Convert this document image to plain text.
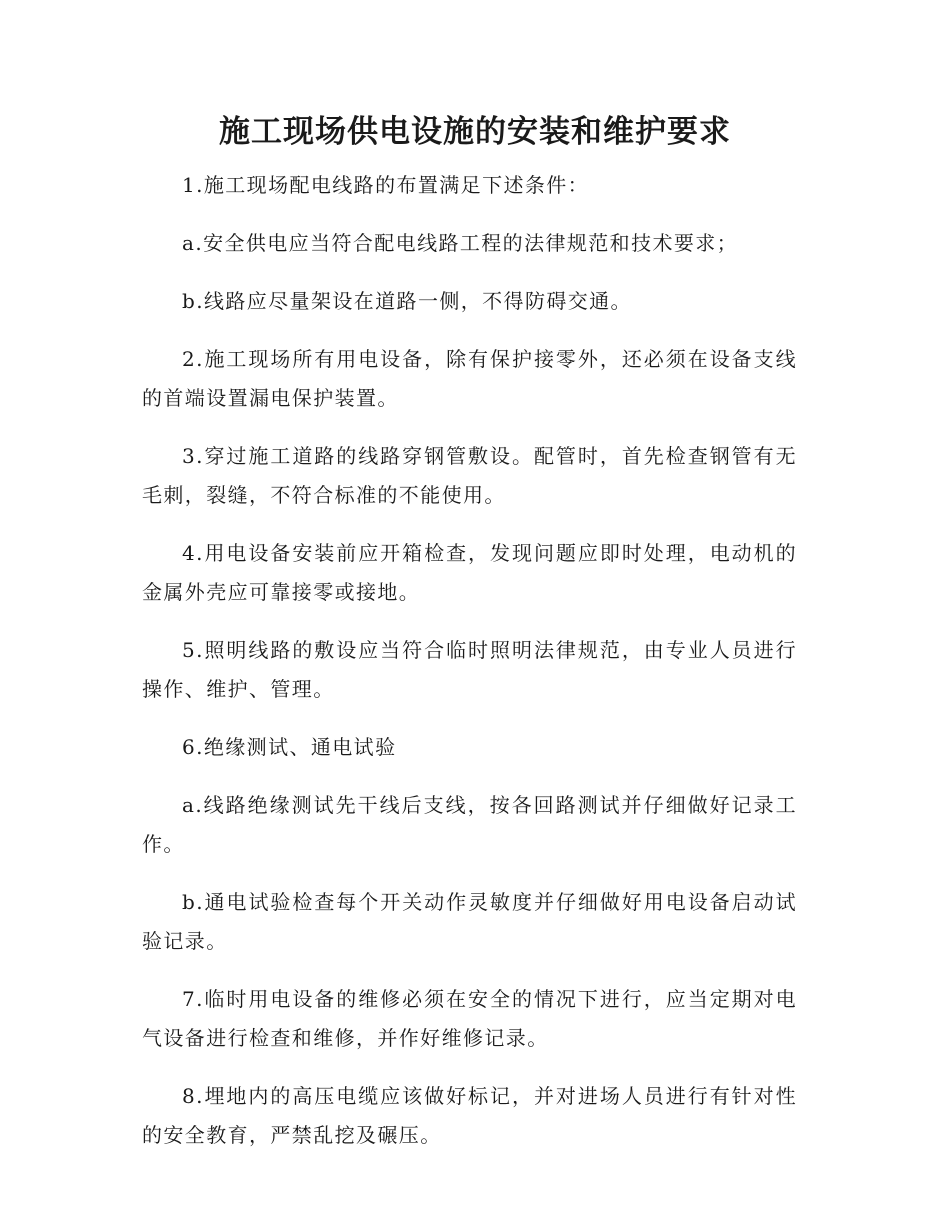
施工现场供电设施的安装和维护要求

1.施工现场配电线路的布置满足下述条件：

a.安全供电应当符合配电线路工程的法律规范和技术要求；

b.线路应尽量架设在道路一侧，不得防碍交通。

2.施工现场所有用电设备，除有保护接零外，还必须在设备支线的首端设置漏电保护装置。

3.穿过施工道路的线路穿钢管敷设。配管时，首先检查钢管有无毛刺，裂缝，不符合标准的不能使用。

4.用电设备安装前应开箱检查，发现问题应即时处理，电动机的金属外壳应可靠接零或接地。

5.照明线路的敷设应当符合临时照明法律规范，由专业人员进行操作、维护、管理。

6.绝缘测试、通电试验

a.线路绝缘测试先干线后支线，按各回路测试并仔细做好记录工作。

b.通电试验检查每个开关动作灵敏度并仔细做好用电设备启动试验记录。

7.临时用电设备的维修必须在安全的情况下进行，应当定期对电气设备进行检查和维修，并作好维修记录。

8.埋地内的高压电缆应该做好标记，并对进场人员进行有针对性的安全教育，严禁乱挖及碾压。
